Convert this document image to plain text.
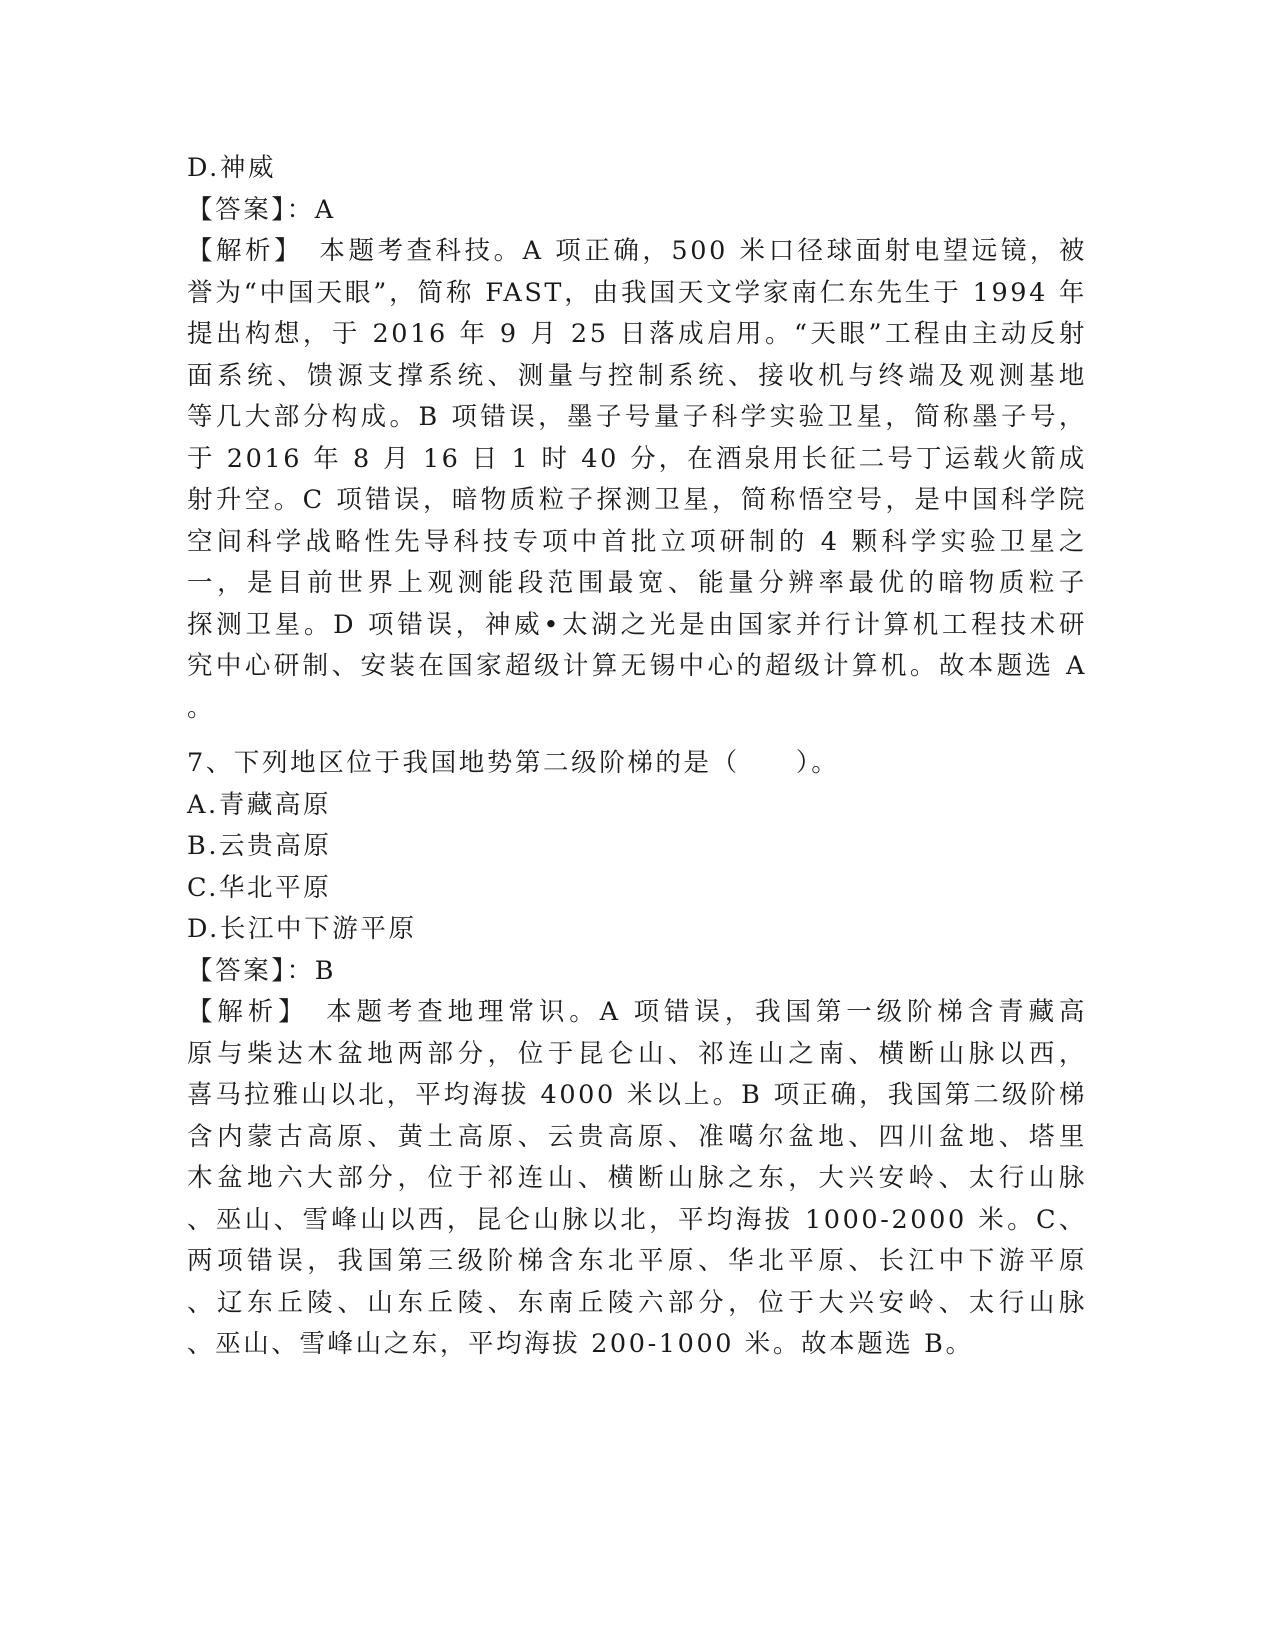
D.神威
【答案】：A
【解析】　本题考查科技。A 项正确，500 米口径球面射电望远镜，被
誉为“中国天眼”，简称 FAST，由我国天文学家南仁东先生于 1994 年
提出构想，于 2016 年 9 月 25 日落成启用。“天眼”工程由主动反射
面系统、馈源支撑系统、测量与控制系统、接收机与终端及观测基地
等几大部分构成。B 项错误，墨子号量子科学实验卫星，简称墨子号，
于 2016 年 8 月 16 日 1 时 40 分，在酒泉用长征二号丁运载火箭成
射升空。C 项错误，暗物质粒子探测卫星，简称悟空号，是中国科学院
空间科学战略性先导科技专项中首批立项研制的 4 颗科学实验卫星之
一，是目前世界上观测能段范围最宽、能量分辨率最优的暗物质粒子
探测卫星。D 项错误，神威•太湖之光是由国家并行计算机工程技术研
究中心研制、安装在国家超级计算无锡中心的超级计算机。故本题选 A
。
7、下列地区位于我国地势第二级阶梯的是（　　）。
A.青藏高原
B.云贵高原
C.华北平原
D.长江中下游平原
【答案】：B
【解析】　本题考查地理常识。A 项错误，我国第一级阶梯含青藏高
原与柴达木盆地两部分，位于昆仑山、祁连山之南、横断山脉以西，
喜马拉雅山以北，平均海拔 4000 米以上。B 项正确，我国第二级阶梯
含内蒙古高原、黄土高原、云贵高原、准噶尔盆地、四川盆地、塔里
木盆地六大部分，位于祁连山、横断山脉之东，大兴安岭、太行山脉
、巫山、雪峰山以西，昆仑山脉以北，平均海拔 1000-2000 米。C、
两项错误，我国第三级阶梯含东北平原、华北平原、长江中下游平原
、辽东丘陵、山东丘陵、东南丘陵六部分，位于大兴安岭、太行山脉
、巫山、雪峰山之东，平均海拔 200-1000 米。故本题选 B。
